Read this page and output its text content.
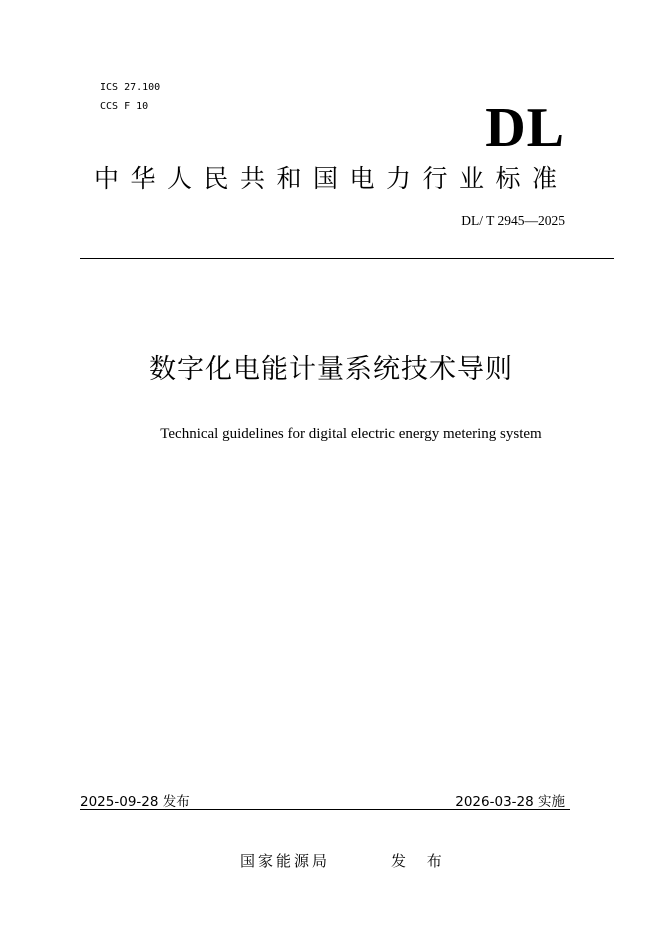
ICS 27.100
CCS F 10	DL
中华人民共和国电力行业标准
DL/ T 2945—2025
数字化电能计量系统技术导则
Technical guidelines for digital electric energy metering system
2025-09-28 发布	2026-03-28 实施
国家能源局	发 布
